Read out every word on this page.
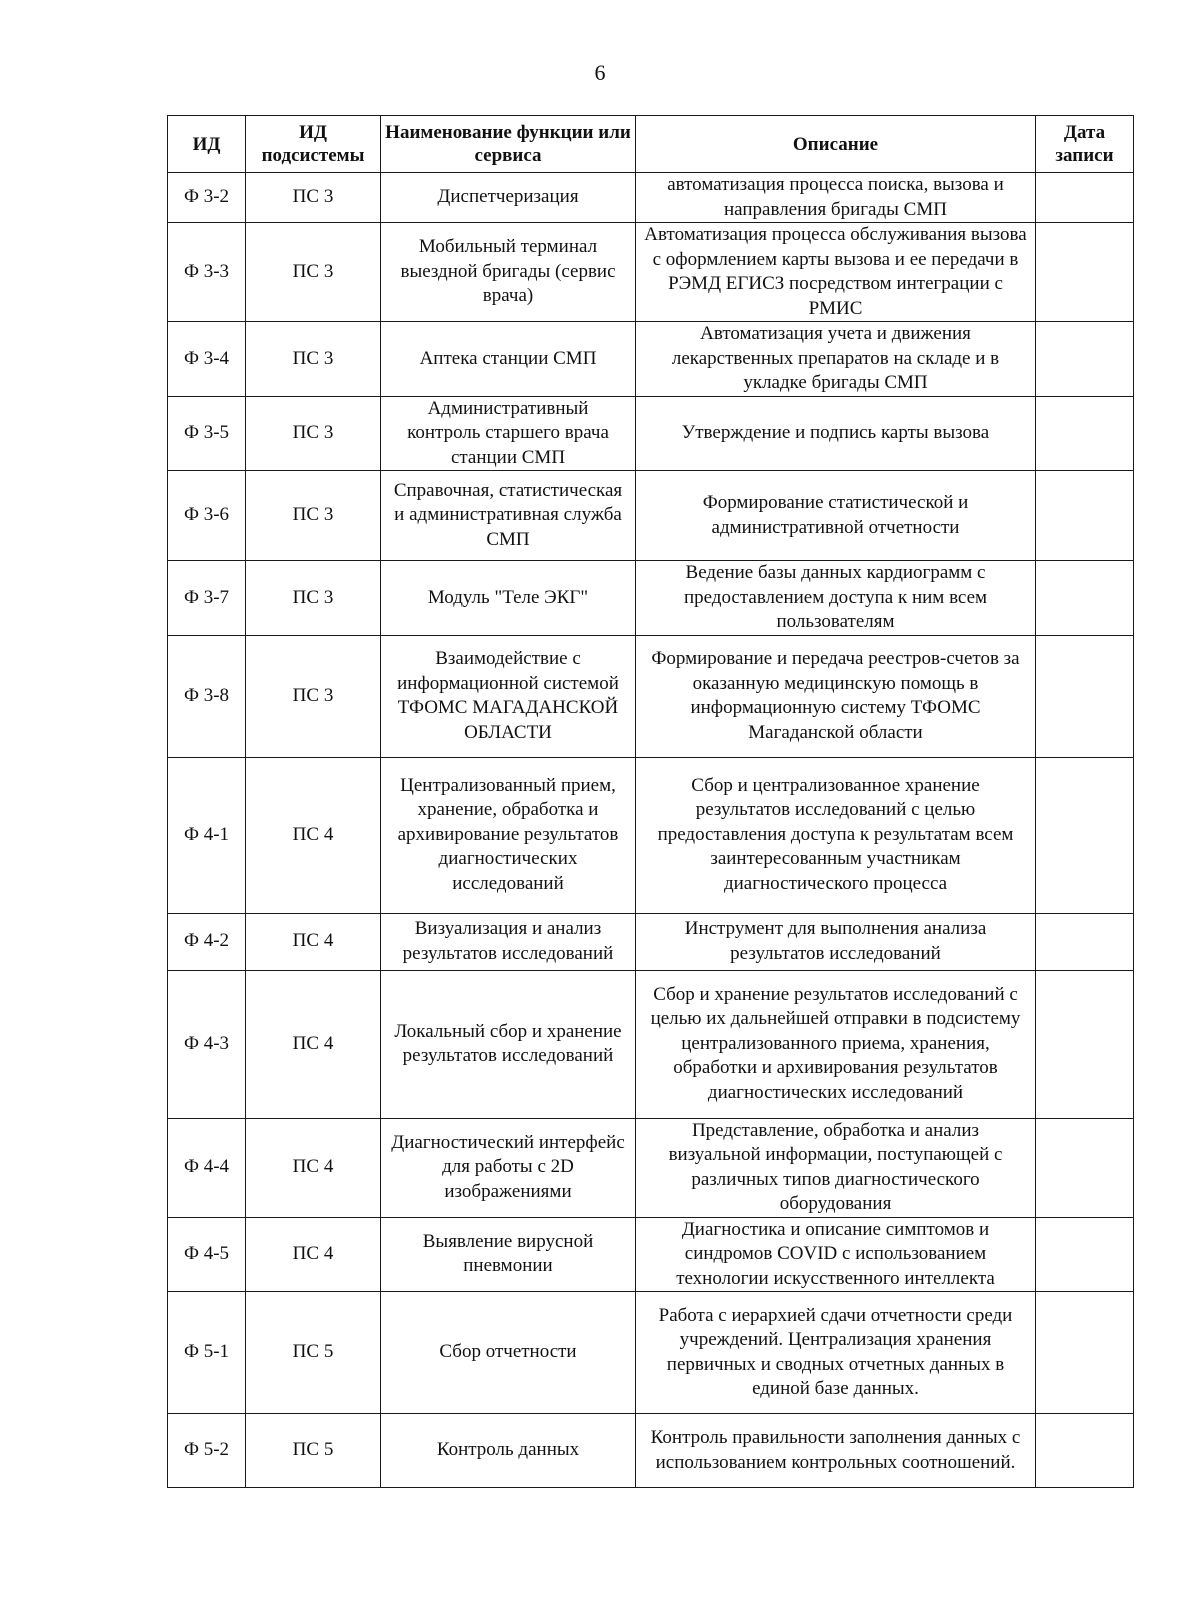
6
ИД	ИД подсистемы	Наименование функции или сервиса	Описание	Дата записи
Ф 3-2	ПС 3	Диспетчеризация	автоматизация процесса поиска, вызова и направления бригады СМП	
Ф 3-3	ПС 3	Мобильный терминал выездной бригады (сервис врача)	Автоматизация процесса обслуживания вызова с оформлением карты вызова и ее передачи в РЭМД ЕГИСЗ посредством интеграции с РМИС	
Ф 3-4	ПС 3	Аптека станции СМП	Автоматизация учета и движения лекарственных препаратов на складе и в укладке бригады СМП	
Ф 3-5	ПС 3	Административный контроль старшего врача станции СМП	Утверждение и подпись карты вызова	
Ф 3-6	ПС 3	Справочная, статистическая и административная служба СМП	Формирование статистической и административной отчетности	
Ф 3-7	ПС 3	Модуль "Теле ЭКГ"	Ведение базы данных кардиограмм с предоставлением доступа к ним всем пользователям	
Ф 3-8	ПС 3	Взаимодействие с информационной системой ТФОМС МАГАДАНСКОЙ ОБЛАСТИ	Формирование и передача реестров-счетов за оказанную медицинскую помощь в информационную систему ТФОМС Магаданской области	
Ф 4-1	ПС 4	Централизованный прием, хранение, обработка и архивирование результатов диагностических исследований	Сбор и централизованное хранение результатов исследований с целью предоставления доступа к результатам всем заинтересованным участникам диагностического процесса	
Ф 4-2	ПС 4	Визуализация и анализ результатов исследований	Инструмент для выполнения анализа результатов исследований	
Ф 4-3	ПС 4	Локальный сбор и хранение результатов исследований	Сбор и хранение результатов исследований с целью их дальнейшей отправки в подсистему централизованного приема, хранения, обработки и архивирования результатов диагностических исследований	
Ф 4-4	ПС 4	Диагностический интерфейс для работы с 2D изображениями	Представление, обработка и анализ визуальной информации, поступающей с различных типов диагностического оборудования	
Ф 4-5	ПС 4	Выявление вирусной пневмонии	Диагностика и описание симптомов и синдромов COVID с использованием технологии искусственного интеллекта	
Ф 5-1	ПС 5	Сбор отчетности	Работа с иерархией сдачи отчетности среди учреждений. Централизация хранения первичных и сводных отчетных данных в единой базе данных.	
Ф 5-2	ПС 5	Контроль данных	Контроль правильности заполнения данных с использованием контрольных соотношений.	
